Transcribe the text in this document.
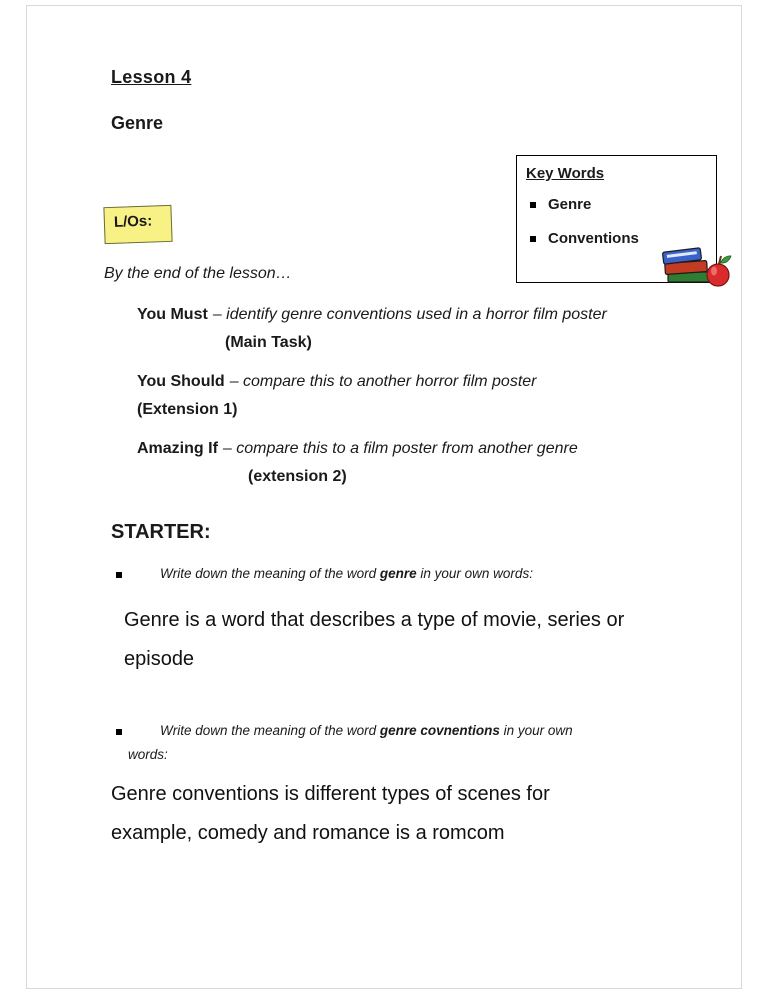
Lesson 4
Genre
Key Words
Genre
Conventions
L/Os:
By the end of the lesson…
You Must – identify genre conventions used in a horror film poster
(Main Task)
You Should – compare this to another horror film poster
(Extension 1)
Amazing If – compare this to a film poster from another genre
(extension 2)
STARTER:
Write down the meaning of the word genre in your own words:
Genre is a word that describes a type of movie, series or episode
Write down the meaning of the word genre covnentions in your own words:
Genre conventions is different types of scenes for example, comedy and romance is a romcom
